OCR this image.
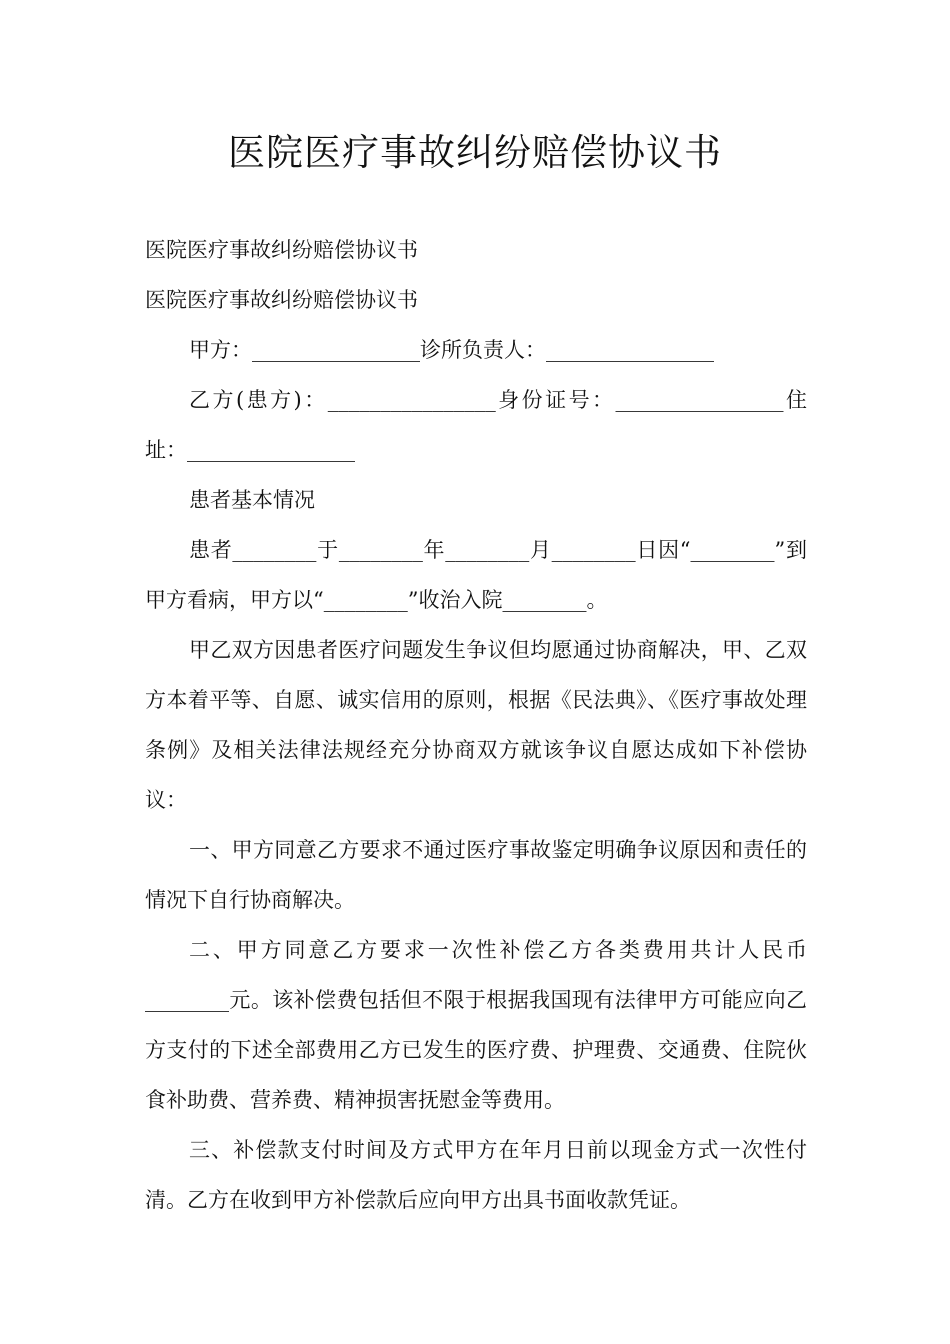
医院医疗事故纠纷赔偿协议书

医院医疗事故纠纷赔偿协议书

医院医疗事故纠纷赔偿协议书

甲方：________________诊所负责人：________________

乙方(患方)：________________身份证号：________________住址：________________

患者基本情况

患者________于________年________月________日因“________”到甲方看病，甲方以“________”收治入院________。

甲乙双方因患者医疗问题发生争议但均愿通过协商解决，甲、乙双方本着平等、自愿、诚实信用的原则，根据《民法典》、《医疗事故处理条例》及相关法律法规经充分协商双方就该争议自愿达成如下补偿协议：

一、甲方同意乙方要求不通过医疗事故鉴定明确争议原因和责任的情况下自行协商解决。

二、甲方同意乙方要求一次性补偿乙方各类费用共计人民币________元。该补偿费包括但不限于根据我国现有法律甲方可能应向乙方支付的下述全部费用乙方已发生的医疗费、护理费、交通费、住院伙食补助费、营养费、精神损害抚慰金等费用。

三、补偿款支付时间及方式甲方在年月日前以现金方式一次性付清。乙方在收到甲方补偿款后应向甲方出具书面收款凭证。
